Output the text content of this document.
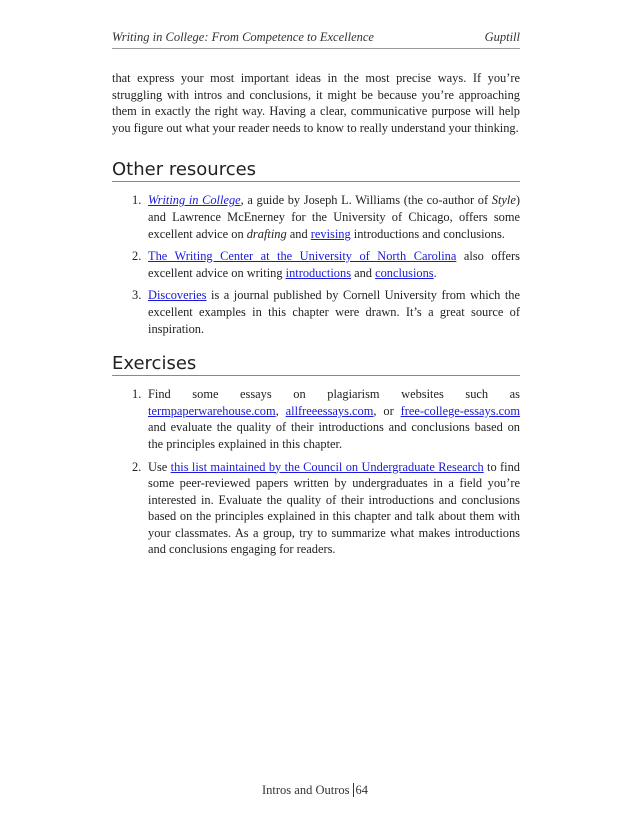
Writing in College: From Competence to Excellence	Guptill

that express your most important ideas in the most precise ways. If you’re struggling with intros and conclusions, it might be because you’re approaching them in exactly the right way. Having a clear, communicative purpose will help you figure out what your reader needs to know to really understand your thinking.

Other resources
1. Writing in College, a guide by Joseph L. Williams (the co-author of Style) and Lawrence McEnerney for the University of Chicago, offers some excellent advice on drafting and revising introductions and conclusions.
2. The Writing Center at the University of North Carolina also offers excellent advice on writing introductions and conclusions.
3. Discoveries is a journal published by Cornell University from which the excellent examples in this chapter were drawn. It’s a great source of inspiration.
Exercises
1. Find some essays on plagiarism websites such as termpaperwarehouse.com, allfreeessays.com, or free-college-essays.com and evaluate the quality of their introductions and conclusions based on the principles explained in this chapter.
2. Use this list maintained by the Council on Undergraduate Research to find some peer-reviewed papers written by undergraduates in a field you’re interested in. Evaluate the quality of their introductions and conclusions based on the principles explained in this chapter and talk about them with your classmates. As a group, try to summarize what makes introductions and conclusions engaging for readers.
Intros and Outros 64
